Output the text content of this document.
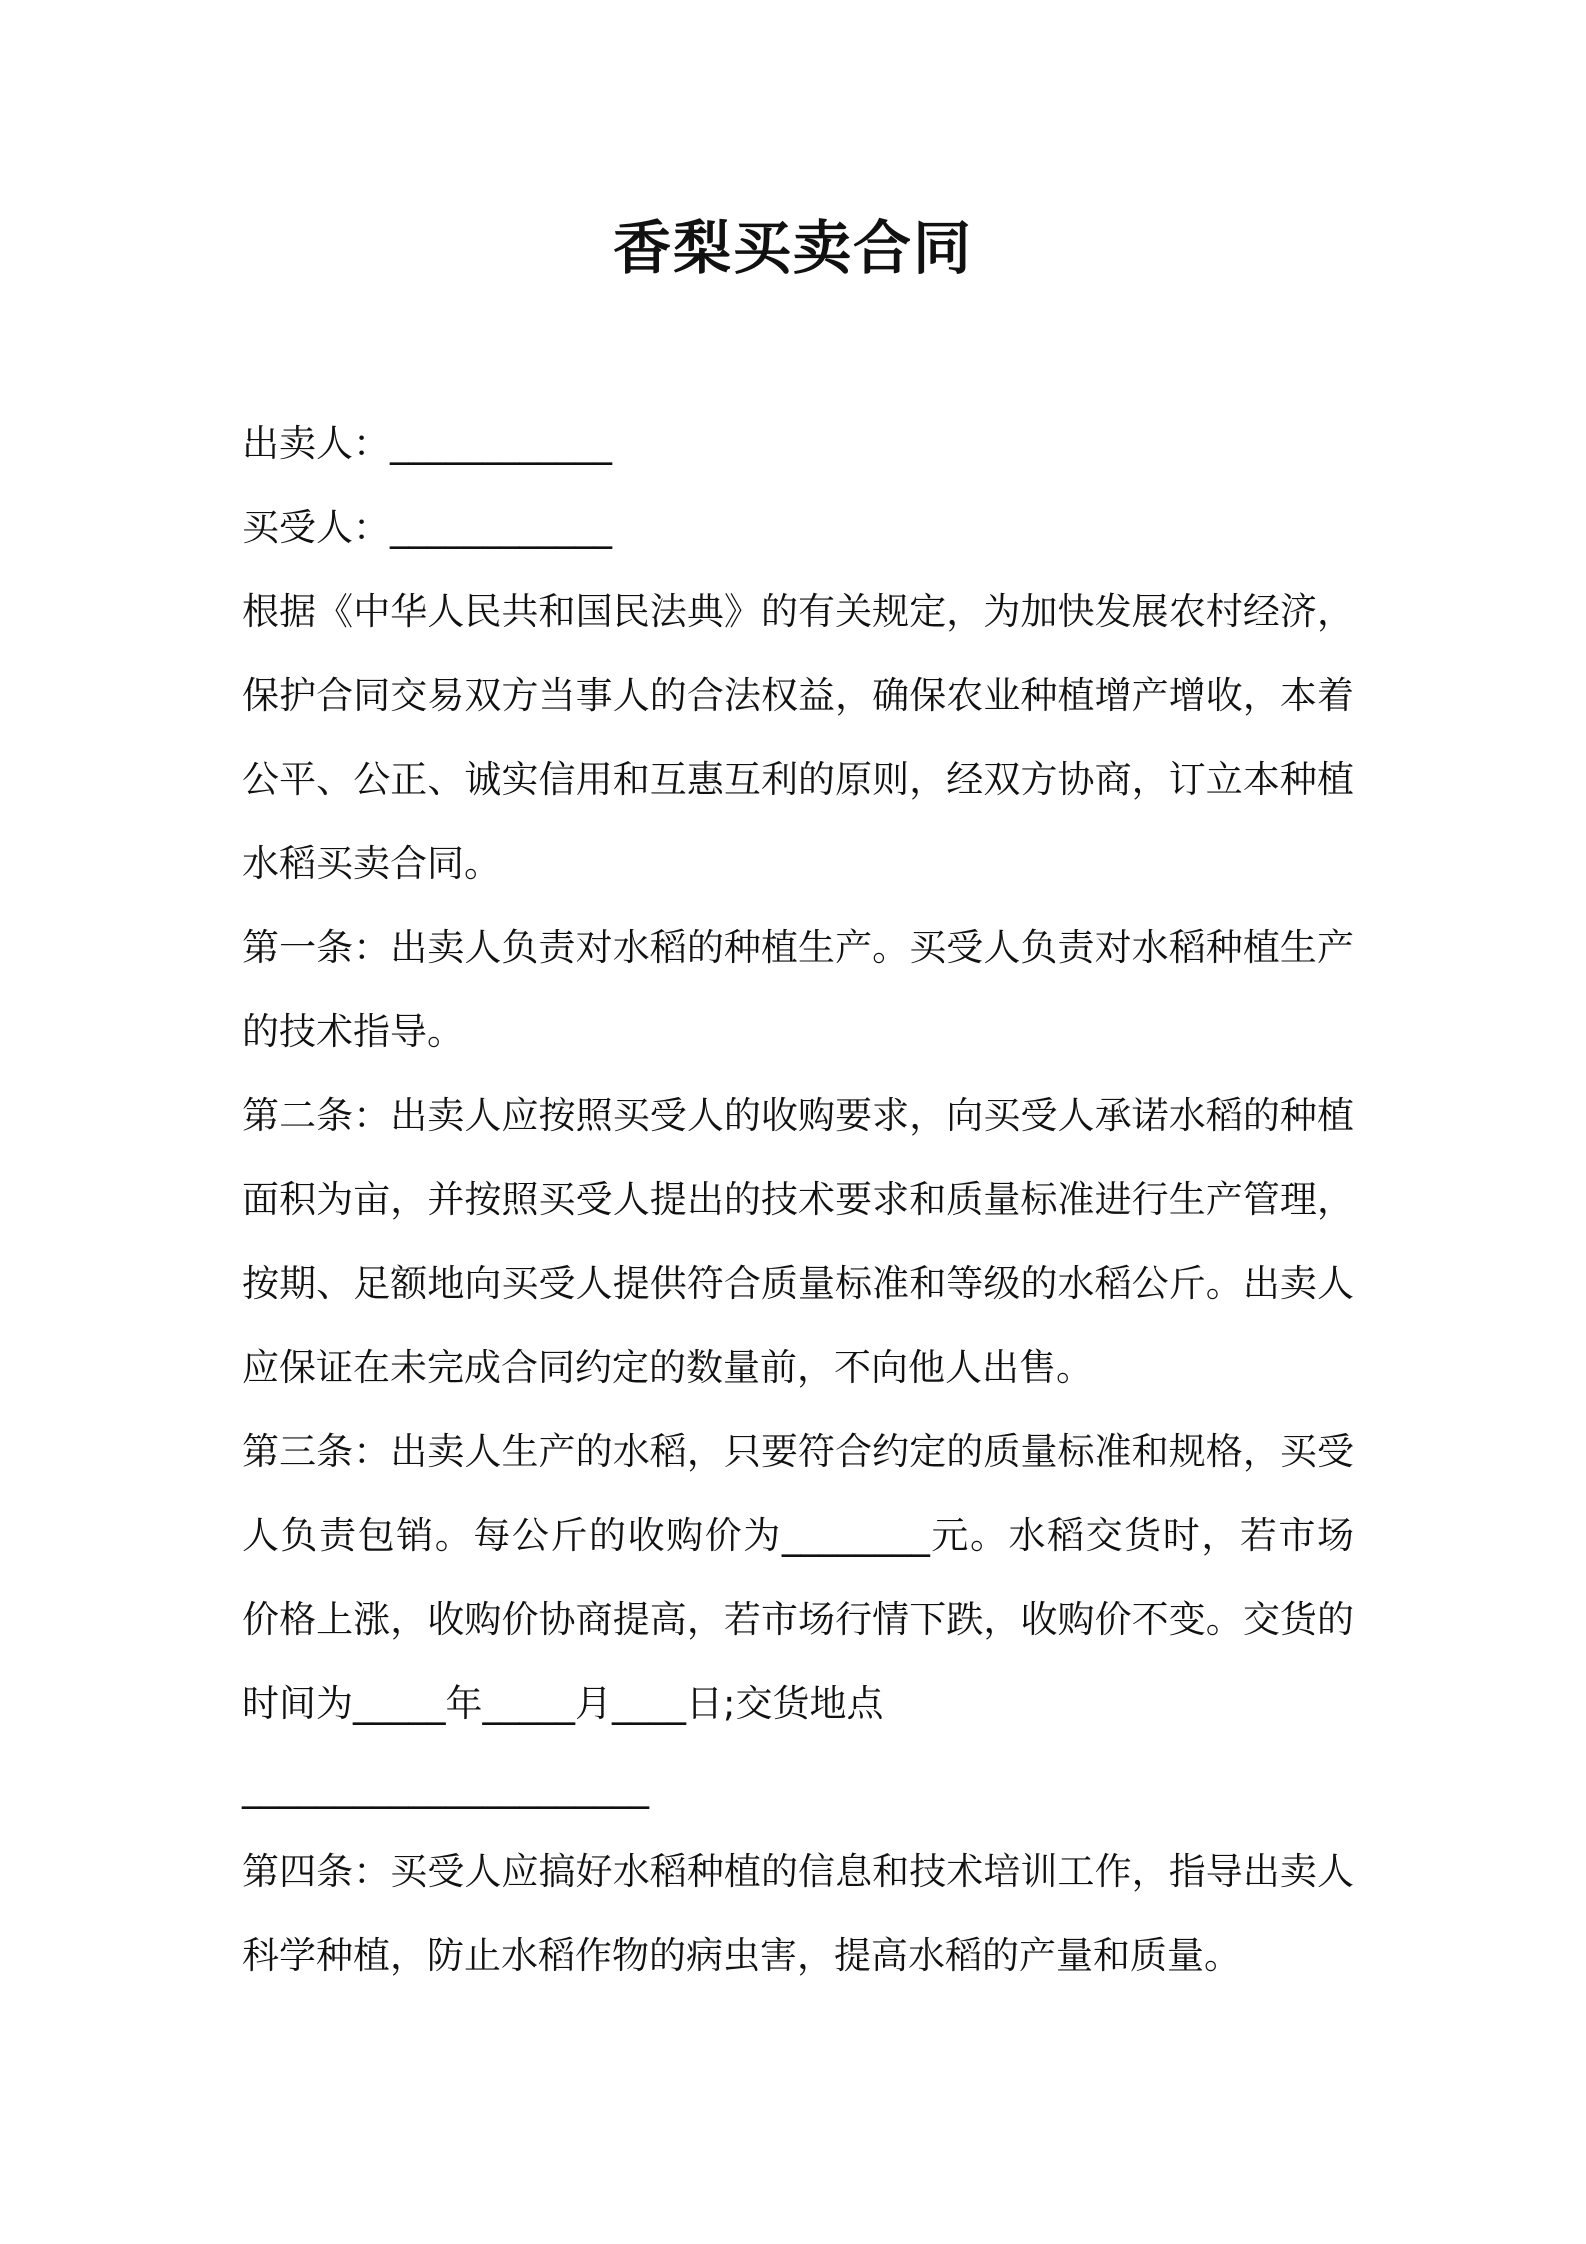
香梨买卖合同
出卖人：____________
买受人：____________
根据《中华人民共和国民法典》的有关规定，为加快发展农村经济，
保护合同交易双方当事人的合法权益，确保农业种植增产增收，本着
公平、公正、诚实信用和互惠互利的原则，经双方协商，订立本种植
水稻买卖合同。
第一条：出卖人负责对水稻的种植生产。买受人负责对水稻种植生产
的技术指导。
第二条：出卖人应按照买受人的收购要求，向买受人承诺水稻的种植
面积为亩，并按照买受人提出的技术要求和质量标准进行生产管理，
按期、足额地向买受人提供符合质量标准和等级的水稻公斤。出卖人
应保证在未完成合同约定的数量前，不向他人出售。
第三条：出卖人生产的水稻，只要符合约定的质量标准和规格，买受
人负责包销。每公斤的收购价为________元。水稻交货时，若市场
价格上涨，收购价协商提高，若市场行情下跌，收购价不变。交货的
时间为_____年_____月____日;交货地点
______________________
第四条：买受人应搞好水稻种植的信息和技术培训工作，指导出卖人
科学种植，防止水稻作物的病虫害，提高水稻的产量和质量。
